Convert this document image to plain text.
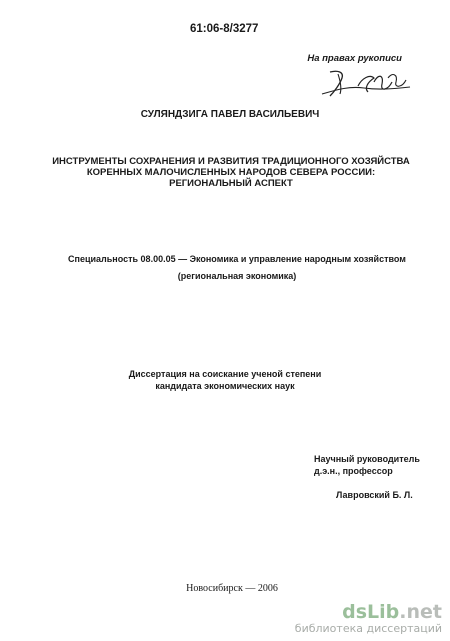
61:06-8/3277
На правах рукописи
СУЛЯНДЗИГА ПАВЕЛ ВАСИЛЬЕВИЧ
ИНСТРУМЕНТЫ СОХРАНЕНИЯ И РАЗВИТИЯ ТРАДИЦИОННОГО ХОЗЯЙСТВА
КОРЕННЫХ МАЛОЧИСЛЕННЫХ НАРОДОВ СЕВЕРА РОССИИ:
РЕГИОНАЛЬНЫЙ АСПЕКТ
Специальность 08.00.05 — Экономика и управление народным хозяйством
(региональная экономика)
Диссертация на соискание ученой степени
кандидата экономических наук
Научный руководитель
д.э.н., профессор
Лавровский Б. Л.
Новосибирск — 2006
dsLib.net
библиотека диссертаций
